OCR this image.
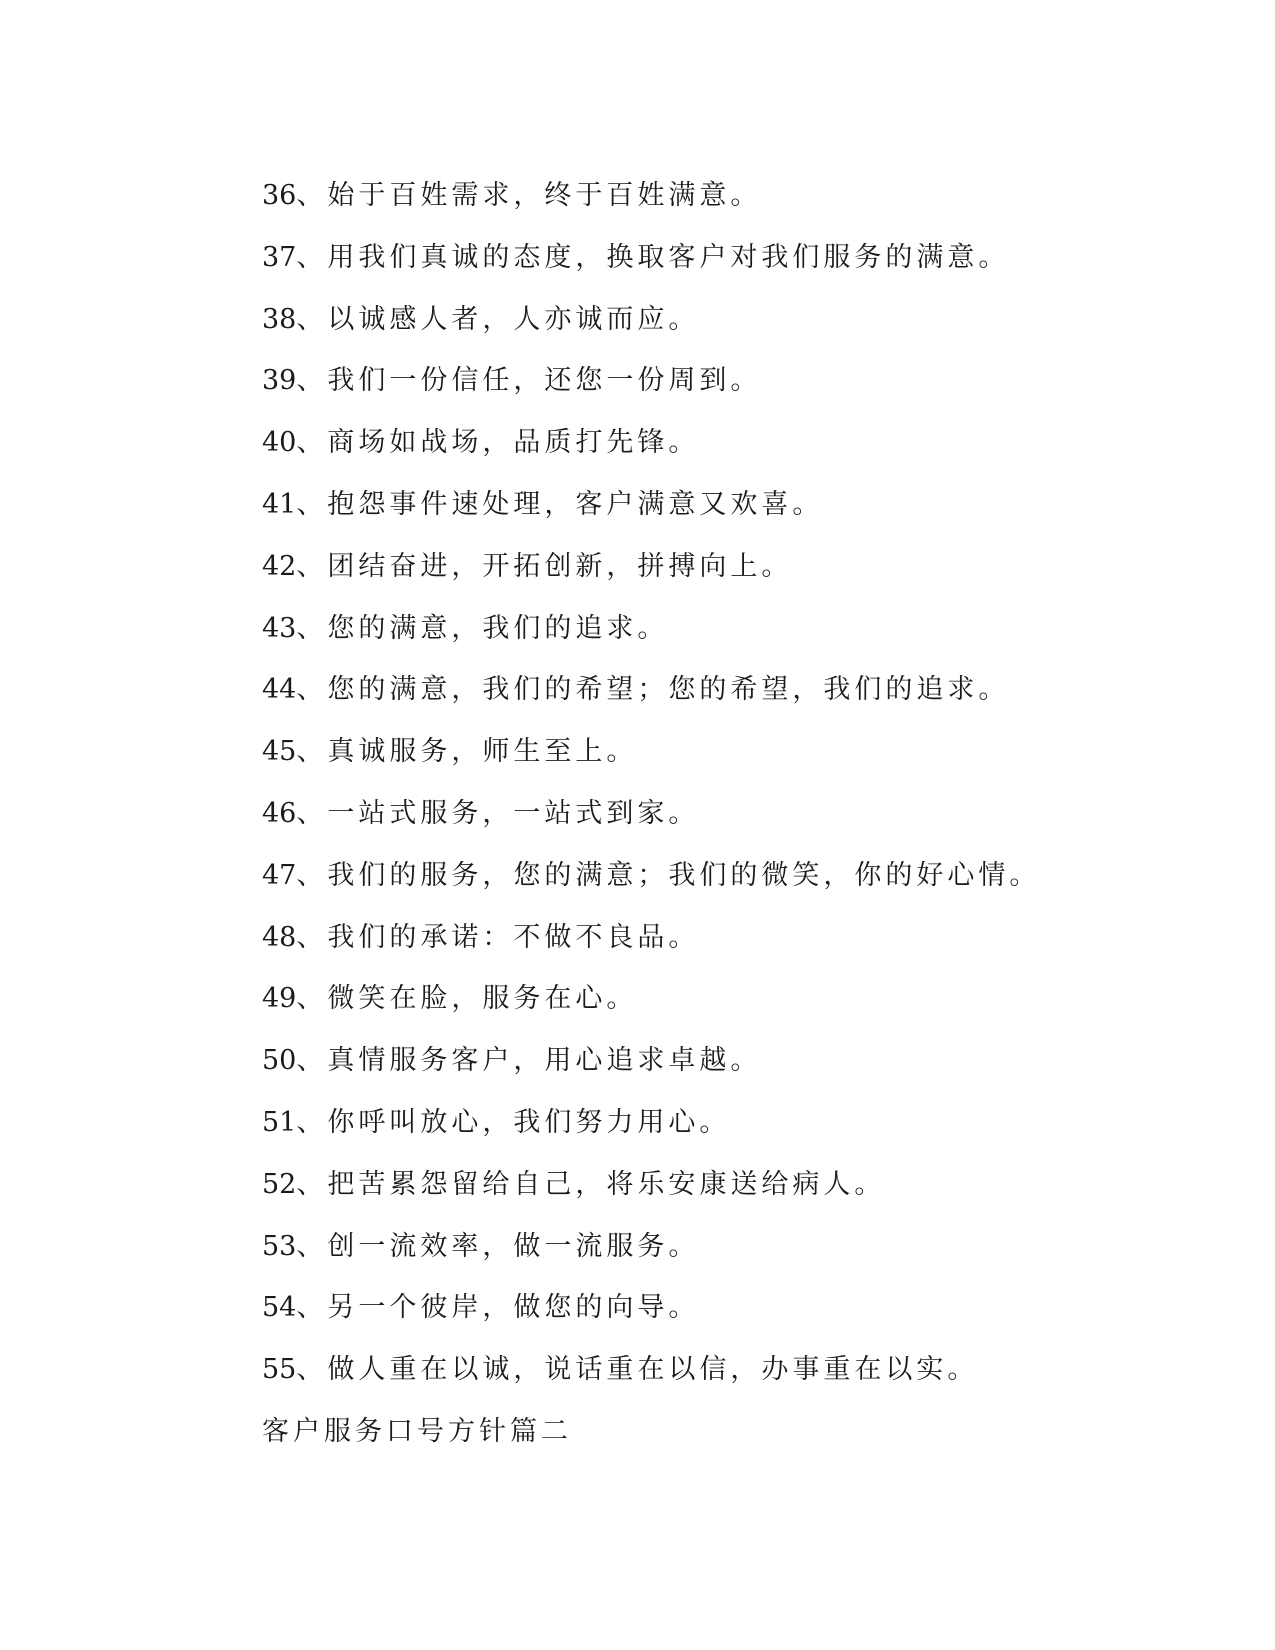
36、始于百姓需求，终于百姓满意。
37、用我们真诚的态度，换取客户对我们服务的满意。
38、以诚感人者，人亦诚而应。
39、我们一份信任，还您一份周到。
40、商场如战场，品质打先锋。
41、抱怨事件速处理，客户满意又欢喜。
42、团结奋进，开拓创新，拼搏向上。
43、您的满意，我们的追求。
44、您的满意，我们的希望；您的希望，我们的追求。
45、真诚服务，师生至上。
46、一站式服务，一站式到家。
47、我们的服务，您的满意；我们的微笑，你的好心情。
48、我们的承诺：不做不良品。
49、微笑在脸，服务在心。
50、真情服务客户，用心追求卓越。
51、你呼叫放心，我们努力用心。
52、把苦累怨留给自己，将乐安康送给病人。
53、创一流效率，做一流服务。
54、另一个彼岸，做您的向导。
55、做人重在以诚，说话重在以信，办事重在以实。
客户服务口号方针篇二
